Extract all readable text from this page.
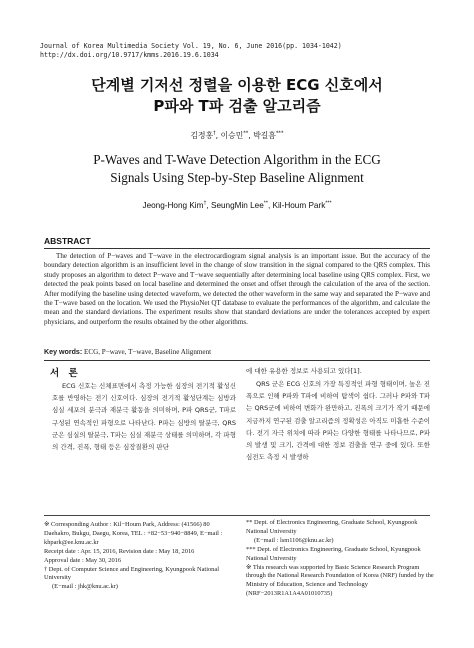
Journal of Korea Multimedia Society Vol. 19, No. 6, June 2016(pp. 1034-1042)
http://dx.doi.org/10.9717/kmms.2016.19.6.1034
단계별 기저선 정렬을 이용한 ECG 신호에서
P파와 T파 검출 알고리즘
김정홍†, 이승민**, 박길흠***
P-Waves and T-Wave Detection Algorithm in the ECG
Signals Using Step-by-Step Baseline Alignment
Jeong-Hong Kim†, SeungMin Lee**, Kil-Houm Park***
ABSTRACT
The detection of P−waves and T−wave in the electrocardiogram signal analysis is an important issue. But the accuracy of the boundary detection algorithm is an insufficient level in the change of slow transition in the signal compared to the QRS complex. This study proposes an algorithm to detect P−wave and T−wave sequentially after determining local baseline using QRS complex. First, we detected the peak points based on local baseline and determined the onset and offset through the calculation of the area of the section. After modifying the baseline using detected waveform, we detected the other waveform in the same way and separated the P−wave and the T−wave based on the location. We used the PhysioNet QT database to evaluate the performances of the algorithm, and calculate the mean and the standard deviations. The experiment results show that standard deviations are under the tolerances accepted by expert physicians, and outperform the results obtained by the other algorithms.
Key words: ECG, P−wave, T−wave, Baseline Alignment
서 론
ECG 신호는 신체표면에서 측정 가능한 심장의 전기적 활성신호를 반영하는 전기 신호이다. 심장의 전기적 활성단계는 심방과 심실 세포의 분극과 재분극 활동을 의미하며, P파 QRS군, T파로 구성된 연속적인 파형으로 나타난다. P파는 심방의 탈분극, QRS군은 심실의 탈분극, T파는 심실 재분극 상태를 의미하며, 각 파형의 간격, 진폭, 형태 등은 심장질환의 판단
에 대한 유용한 정보로 사용되고 있다[1].
QRS 군은 ECG 신호의 가장 특징적인 파형 형태이며, 높은 진폭으로 인해 P파와 T파에 비하여 탐색이 쉽다. 그러나 P파와 T파는 QRS군에 비하여 변화가 완만하고, 진폭의 크기가 작기 때문에 지금까지 연구된 검출 알고리즘의 정확성은 아직도 미흡한 수준이다. 전기 자극 위치에 따라 P파는 다양한 형태를 나타나므로, P파의 발생 및 크기, 간격에 대한 정보 검출을 연구 중에 있다. 또한 심전도 측정 시 발생하

※ Corresponding Author : Kil−Houm Park, Address: (41566) 80 Daehakro, Bukgu, Daegu, Korea, TEL : +82−53−940−8849, E−mail : khpark@ee.knu.ac.kr

Receipt date : Apr. 15, 2016, Revision date : May 18, 2016

Approval date : May 30, 2016

† Dept. of Computer Science and Engineering, Kyungpook National University

(E−mail : jhk@knu.ac.kr)

** Dept. of Electronics Engineering, Graduate School, Kyungpook National University

(E−mail : lsm1106@knu.ac.kr)

*** Dept. of Electronics Engineering, Graduate School, Kyungpook National University

※ This research was supported by Basic Science Research Program through the National Research Foundation of Korea (NRF) funded by the Ministry of Education, Science and Technology (NRF−2013R1A1A4A01010735)
